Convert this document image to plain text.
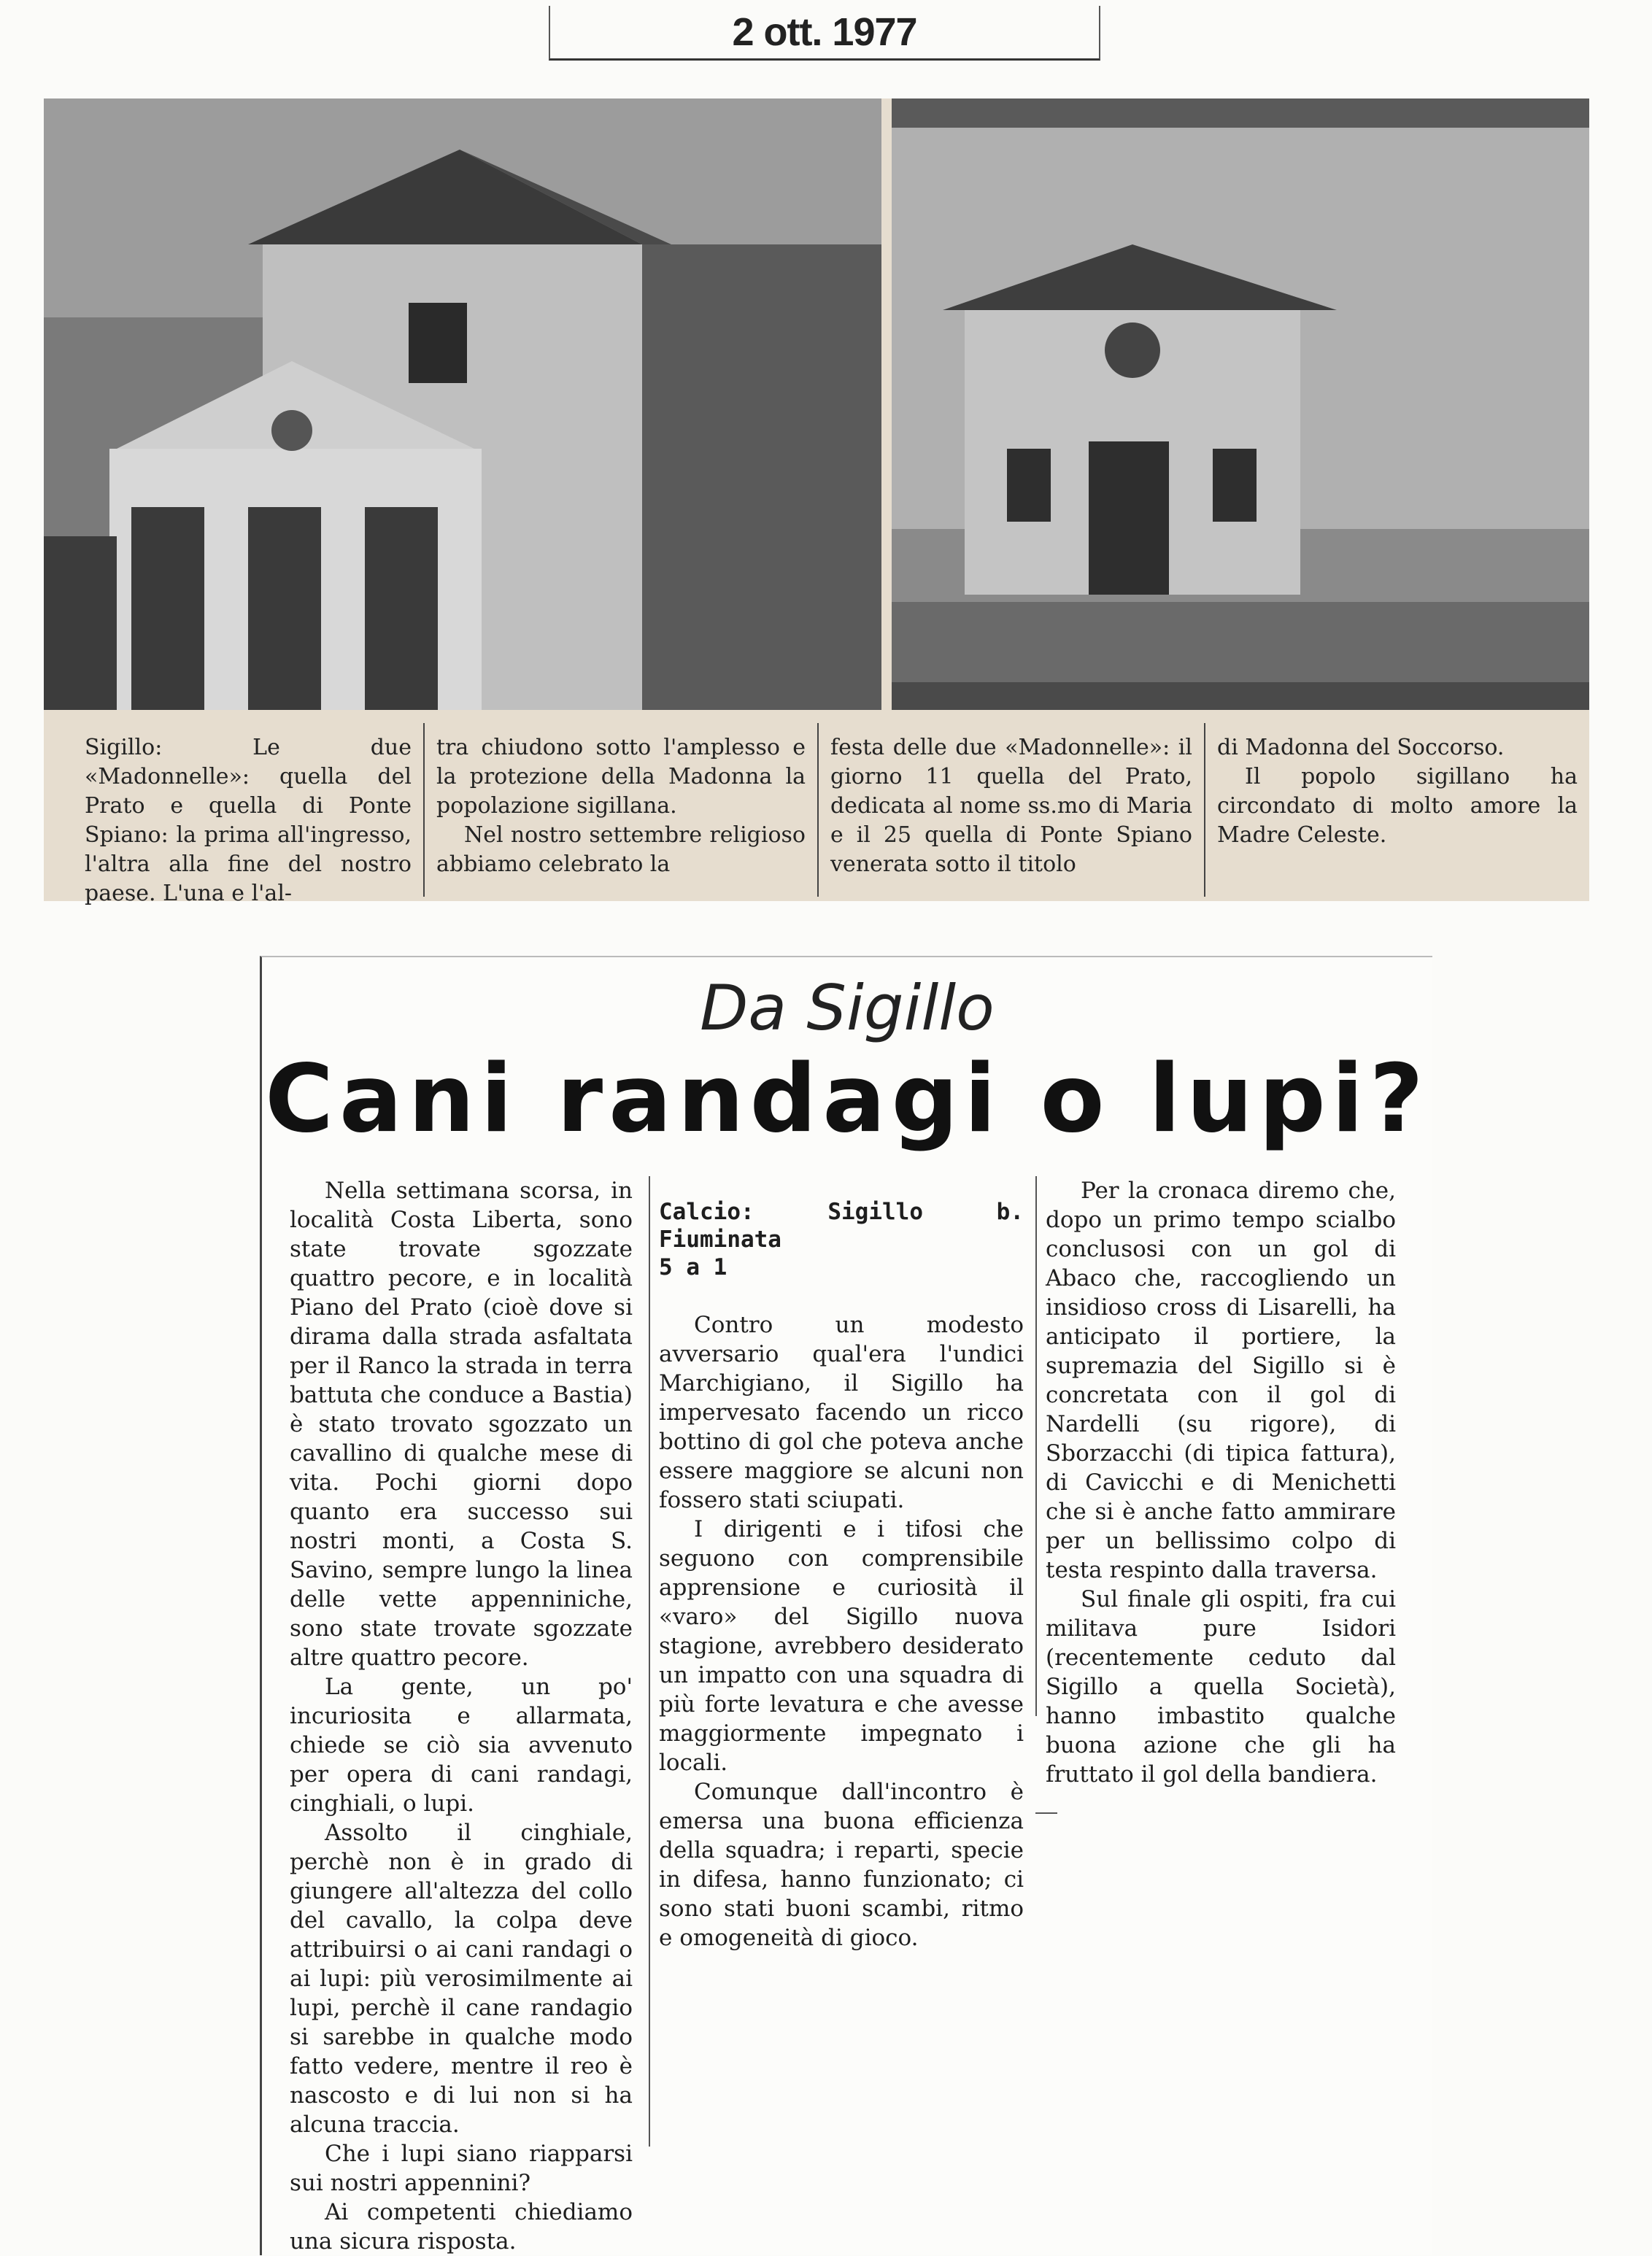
2 ott. 1977

Sigillo: Le due «Madonnelle»: quella del Prato e quella di Ponte Spiano: la prima all'ingresso, l'altra alla fine del nostro paese. L'una e l'al-

tra chiudono sotto l'amplesso e la protezione della Madonna la popolazione sigillana.

Nel nostro settembre religioso abbiamo celebrato la

festa delle due «Madonnelle»: il giorno 11 quella del Prato, dedicata al nome ss.mo di Maria e il 25 quella di Ponte Spiano venerata sotto il titolo

di Madonna del Soccorso.

Il popolo sigillano ha circondato di molto amore la Madre Celeste.

Da Sigillo
Cani randagi o lupi?

Nella settimana scorsa, in località Costa Liberta, sono state trovate sgozzate quattro pecore, e in località Piano del Prato (cioè dove si dirama dalla strada asfaltata per il Ranco la strada in terra battuta che conduce a Bastia) è stato trovato sgozzato un cavallino di qualche mese di vita. Pochi giorni dopo quanto era successo sui nostri monti, a Costa S. Savino, sempre lungo la linea delle vette appenniniche, sono state trovate sgozzate altre quattro pecore.

La gente, un po' incuriosita e allarmata, chiede se ciò sia avvenuto per opera di cani randagi, cinghiali, o lupi.

Assolto il cinghiale, perchè non è in grado di giungere all'altezza del collo del cavallo, la colpa deve attribuirsi o ai cani randagi o ai lupi: più verosimilmente ai lupi, perchè il cane randagio si sarebbe in qualche modo fatto vedere, mentre il reo è nascosto e di lui non si ha alcuna traccia.

Che i lupi siano riapparsi sui nostri appennini?

Ai competenti chiediamo una sicura risposta.

Calcio: Sigillo b. Fiuminata
5 a 1

Contro un modesto avversario qual'era l'undici Marchigiano, il Sigillo ha impervesato facendo un ricco bottino di gol che poteva anche essere maggiore se alcuni non fossero stati sciupati.

I dirigenti e i tifosi che seguono con comprensibile apprensione e curiosità il «varo» del Sigillo nuova stagione, avrebbero desiderato un impatto con una squadra di più forte levatura e che avesse maggiormente impegnato i locali.

Comunque dall'incontro è emersa una buona efficienza della squadra; i reparti, specie in difesa, hanno funzionato; ci sono stati buoni scambi, ritmo e omogeneità di gioco.

Per la cronaca diremo che, dopo un primo tempo scialbo conclusosi con un gol di Abaco che, raccogliendo un insidioso cross di Lisarelli, ha anticipato il portiere, la supremazia del Sigillo si è concretata con il gol di Nardelli (su rigore), di Sborzacchi (di tipica fattura), di Cavicchi e di Menichetti che si è anche fatto ammirare per un bellissimo colpo di testa respinto dalla traversa.

Sul finale gli ospiti, fra cui militava pure Isidori (recentemente ceduto dal Sigillo a quella Società), hanno imbastito qualche buona azione che gli ha fruttato il gol della bandiera.
